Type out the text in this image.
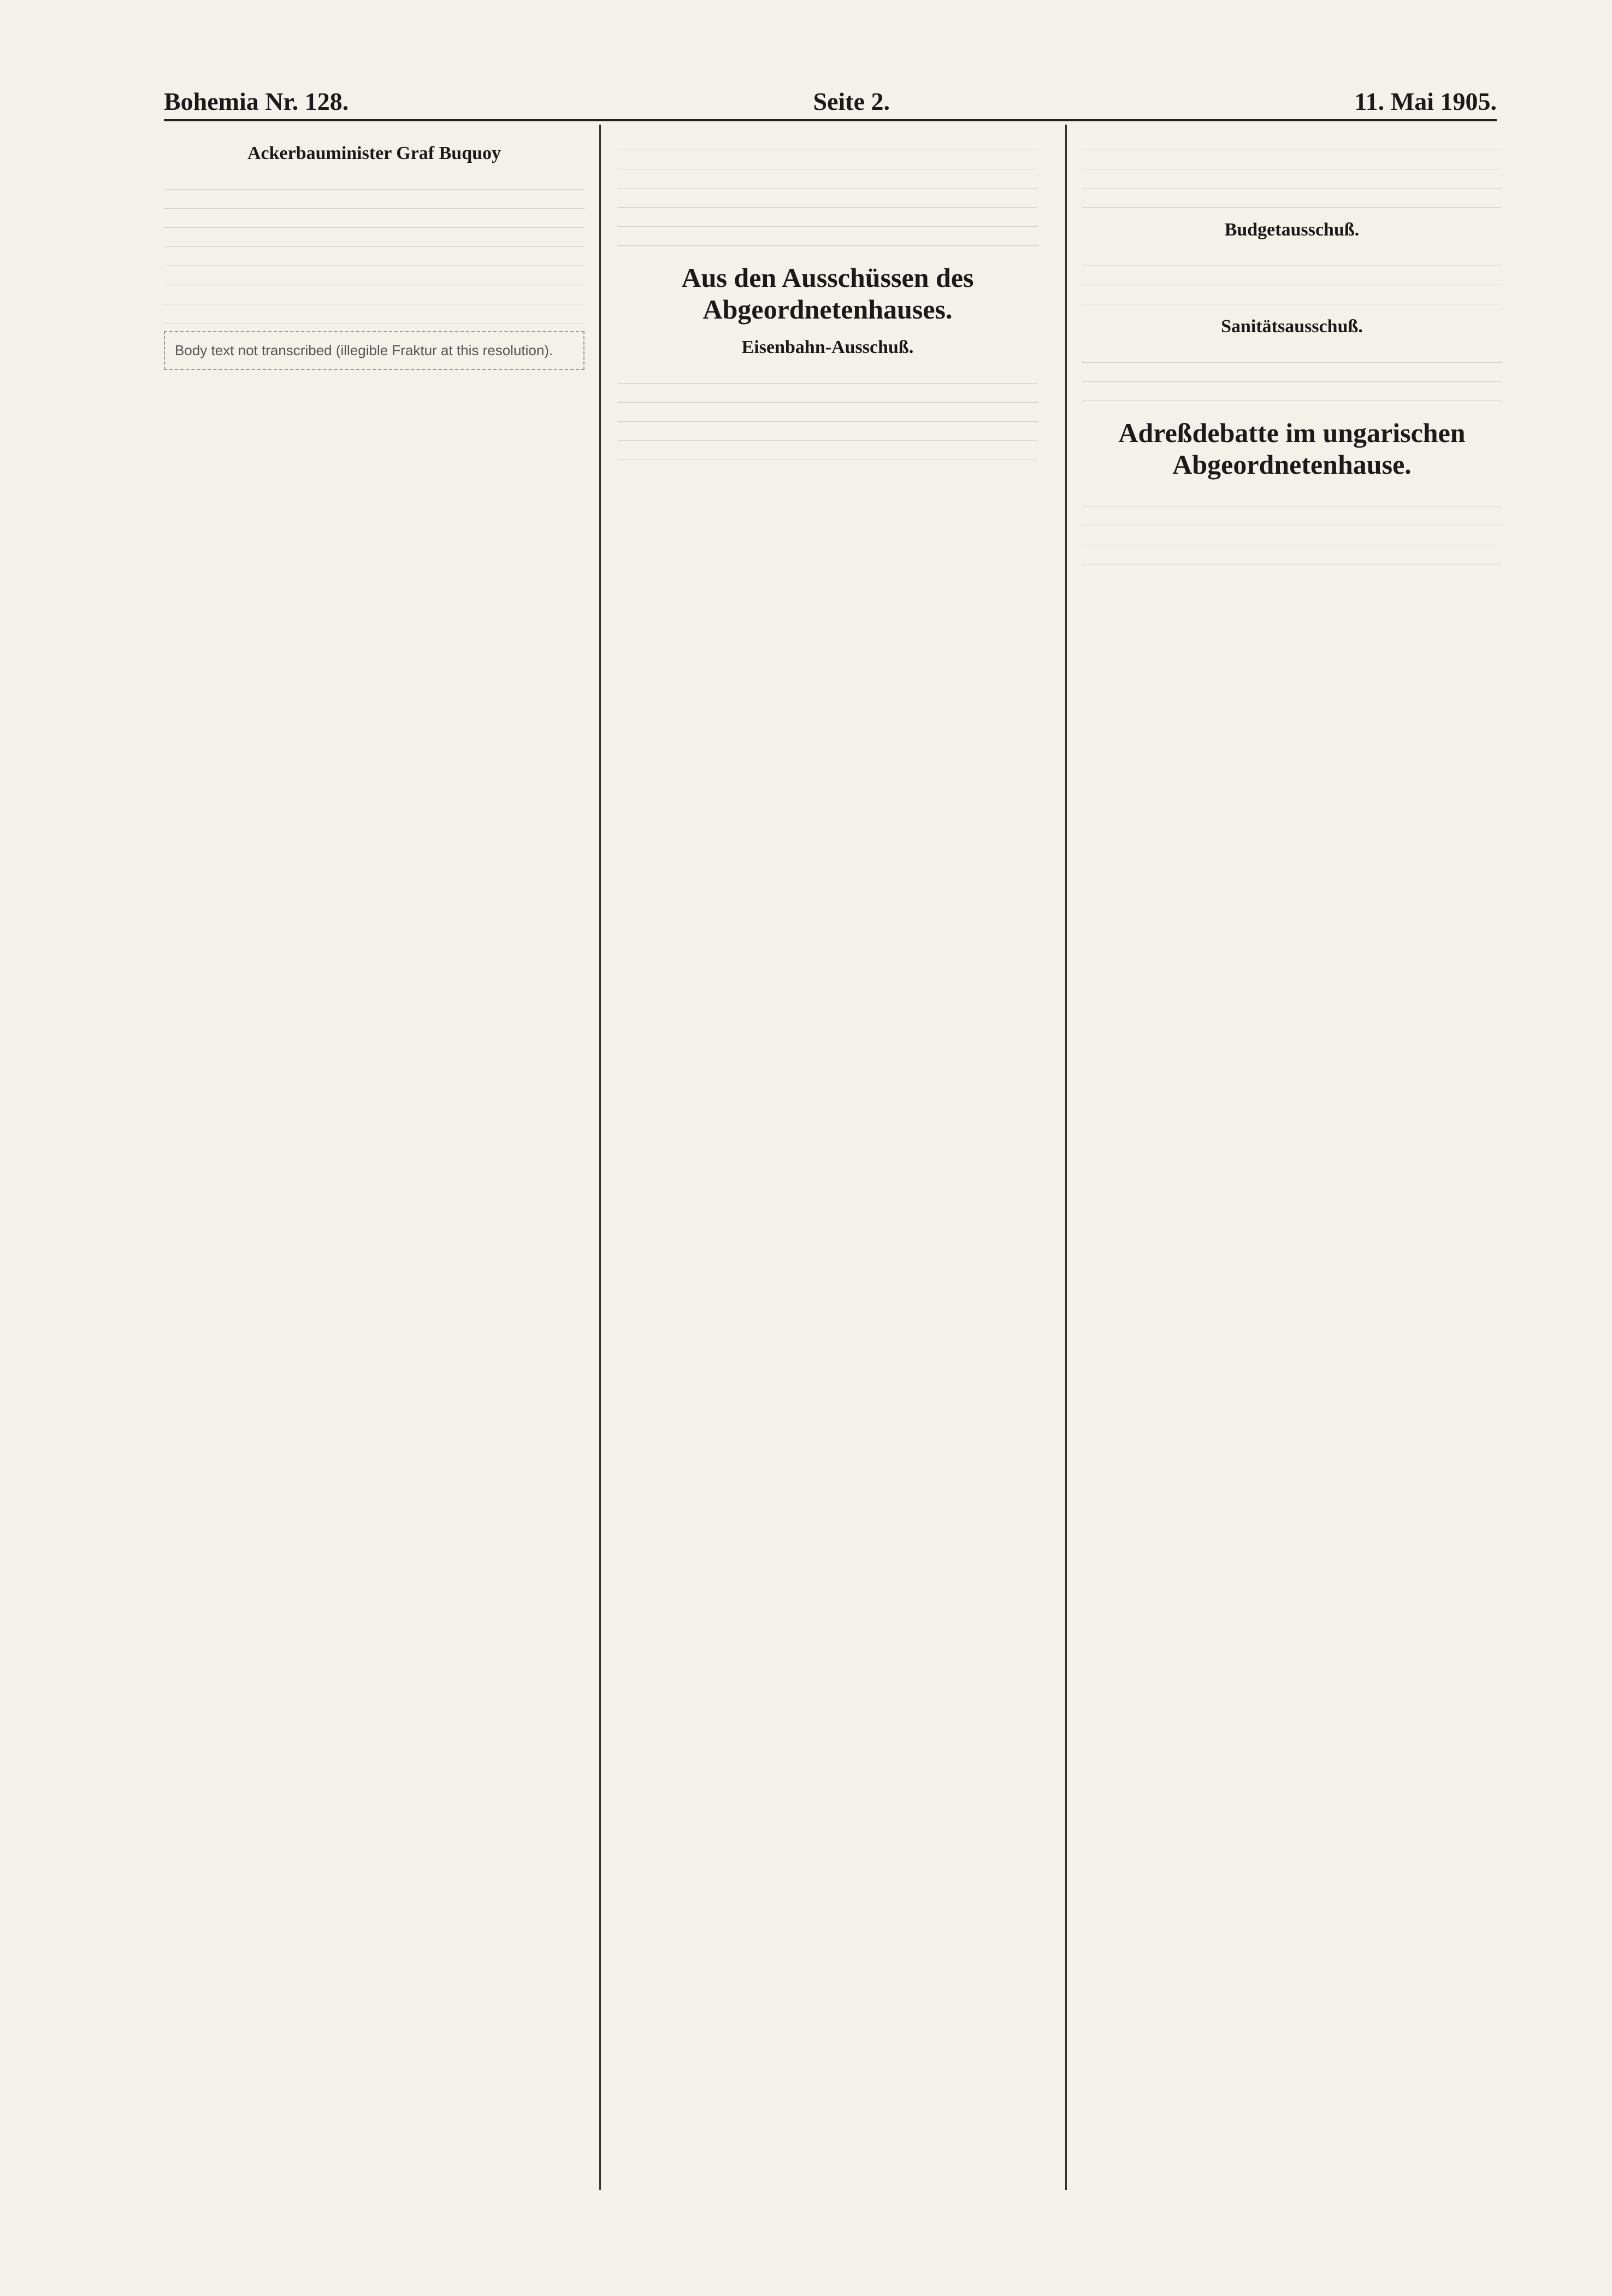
Bohemia Nr. 128.	Seite 2.	11. Mai 1905.
Ackerbauminister Graf Buquoy
Body text not transcribed (illegible Fraktur at this resolution).
Aus den Ausschüssen des Abgeordnetenhauses.
Eisenbahn-Ausschuß.
Budgetausschuß.
Sanitätsausschuß.
Adreßdebatte im ungarischen Abgeordnetenhause.
